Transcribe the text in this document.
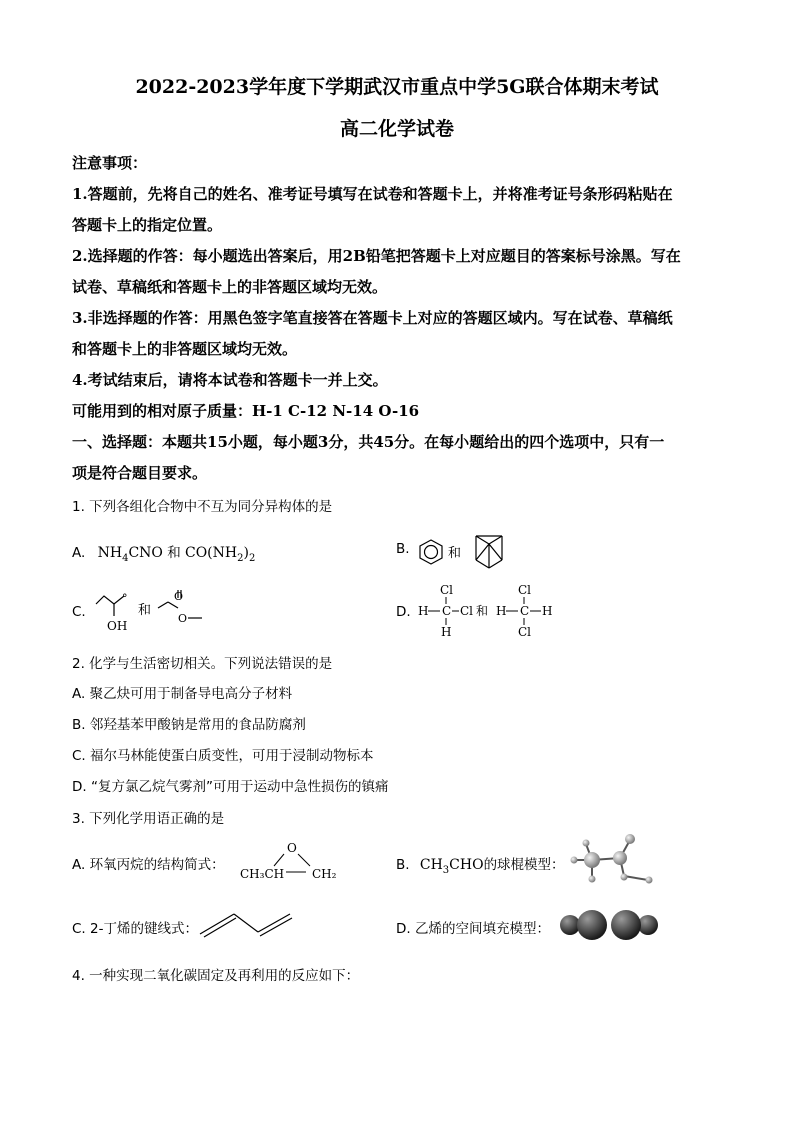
2022-2023学年度下学期武汉市重点中学5G联合体期末考试
高二化学试卷
注意事项：
1.答题前，先将自己的姓名、准考证号填写在试卷和答题卡上，并将准考证号条形码粘贴在
答题卡上的指定位置。
2.选择题的作答：每小题选出答案后，用2B铅笔把答题卡上对应题目的答案标号涂黑。写在
试卷、草稿纸和答题卡上的非答题区域均无效。
3.非选择题的作答：用黑色签字笔直接答在答题卡上对应的答题区域内。写在试卷、草稿纸
和答题卡上的非答题区域均无效。
4.考试结束后，请将本试卷和答题卡一并上交。
可能用到的相对原子质量：H-1 C-12 N-14 O-16
一、选择题：本题共15小题，每小题3分，共45分。在每小题给出的四个选项中，只有一
项是符合题目要求。
1. 下列各组化合物中不互为同分异构体的是
A. $NH_4CNO$ 和 $CO(NH_2)_2$
B.	和
C.
°
OH
和
O
O	D.
Cl
H C Cl
H
和
Cl
H C H
Cl
2. 化学与生活密切相关。下列说法错误的是
A. 聚乙炔可用于制备导电高分子材料
B. 邻羟基苯甲酸钠是常用的食品防腐剂
C. 福尔马林能使蛋白质变性，可用于浸制动物标本
D. “复方氯乙烷气雾剂”可用于运动中急性损伤的镇痛
3. 下列化学用语正确的是
A. 环氧丙烷的结构简式：
O
CH₃CH CH₂
B. $CH_3CHO$的球棍模型：
C. 2-丁烯的键线式：	D. 乙烯的空间填充模型：
4. 一种实现二氧化碳固定及再利用的反应如下：
